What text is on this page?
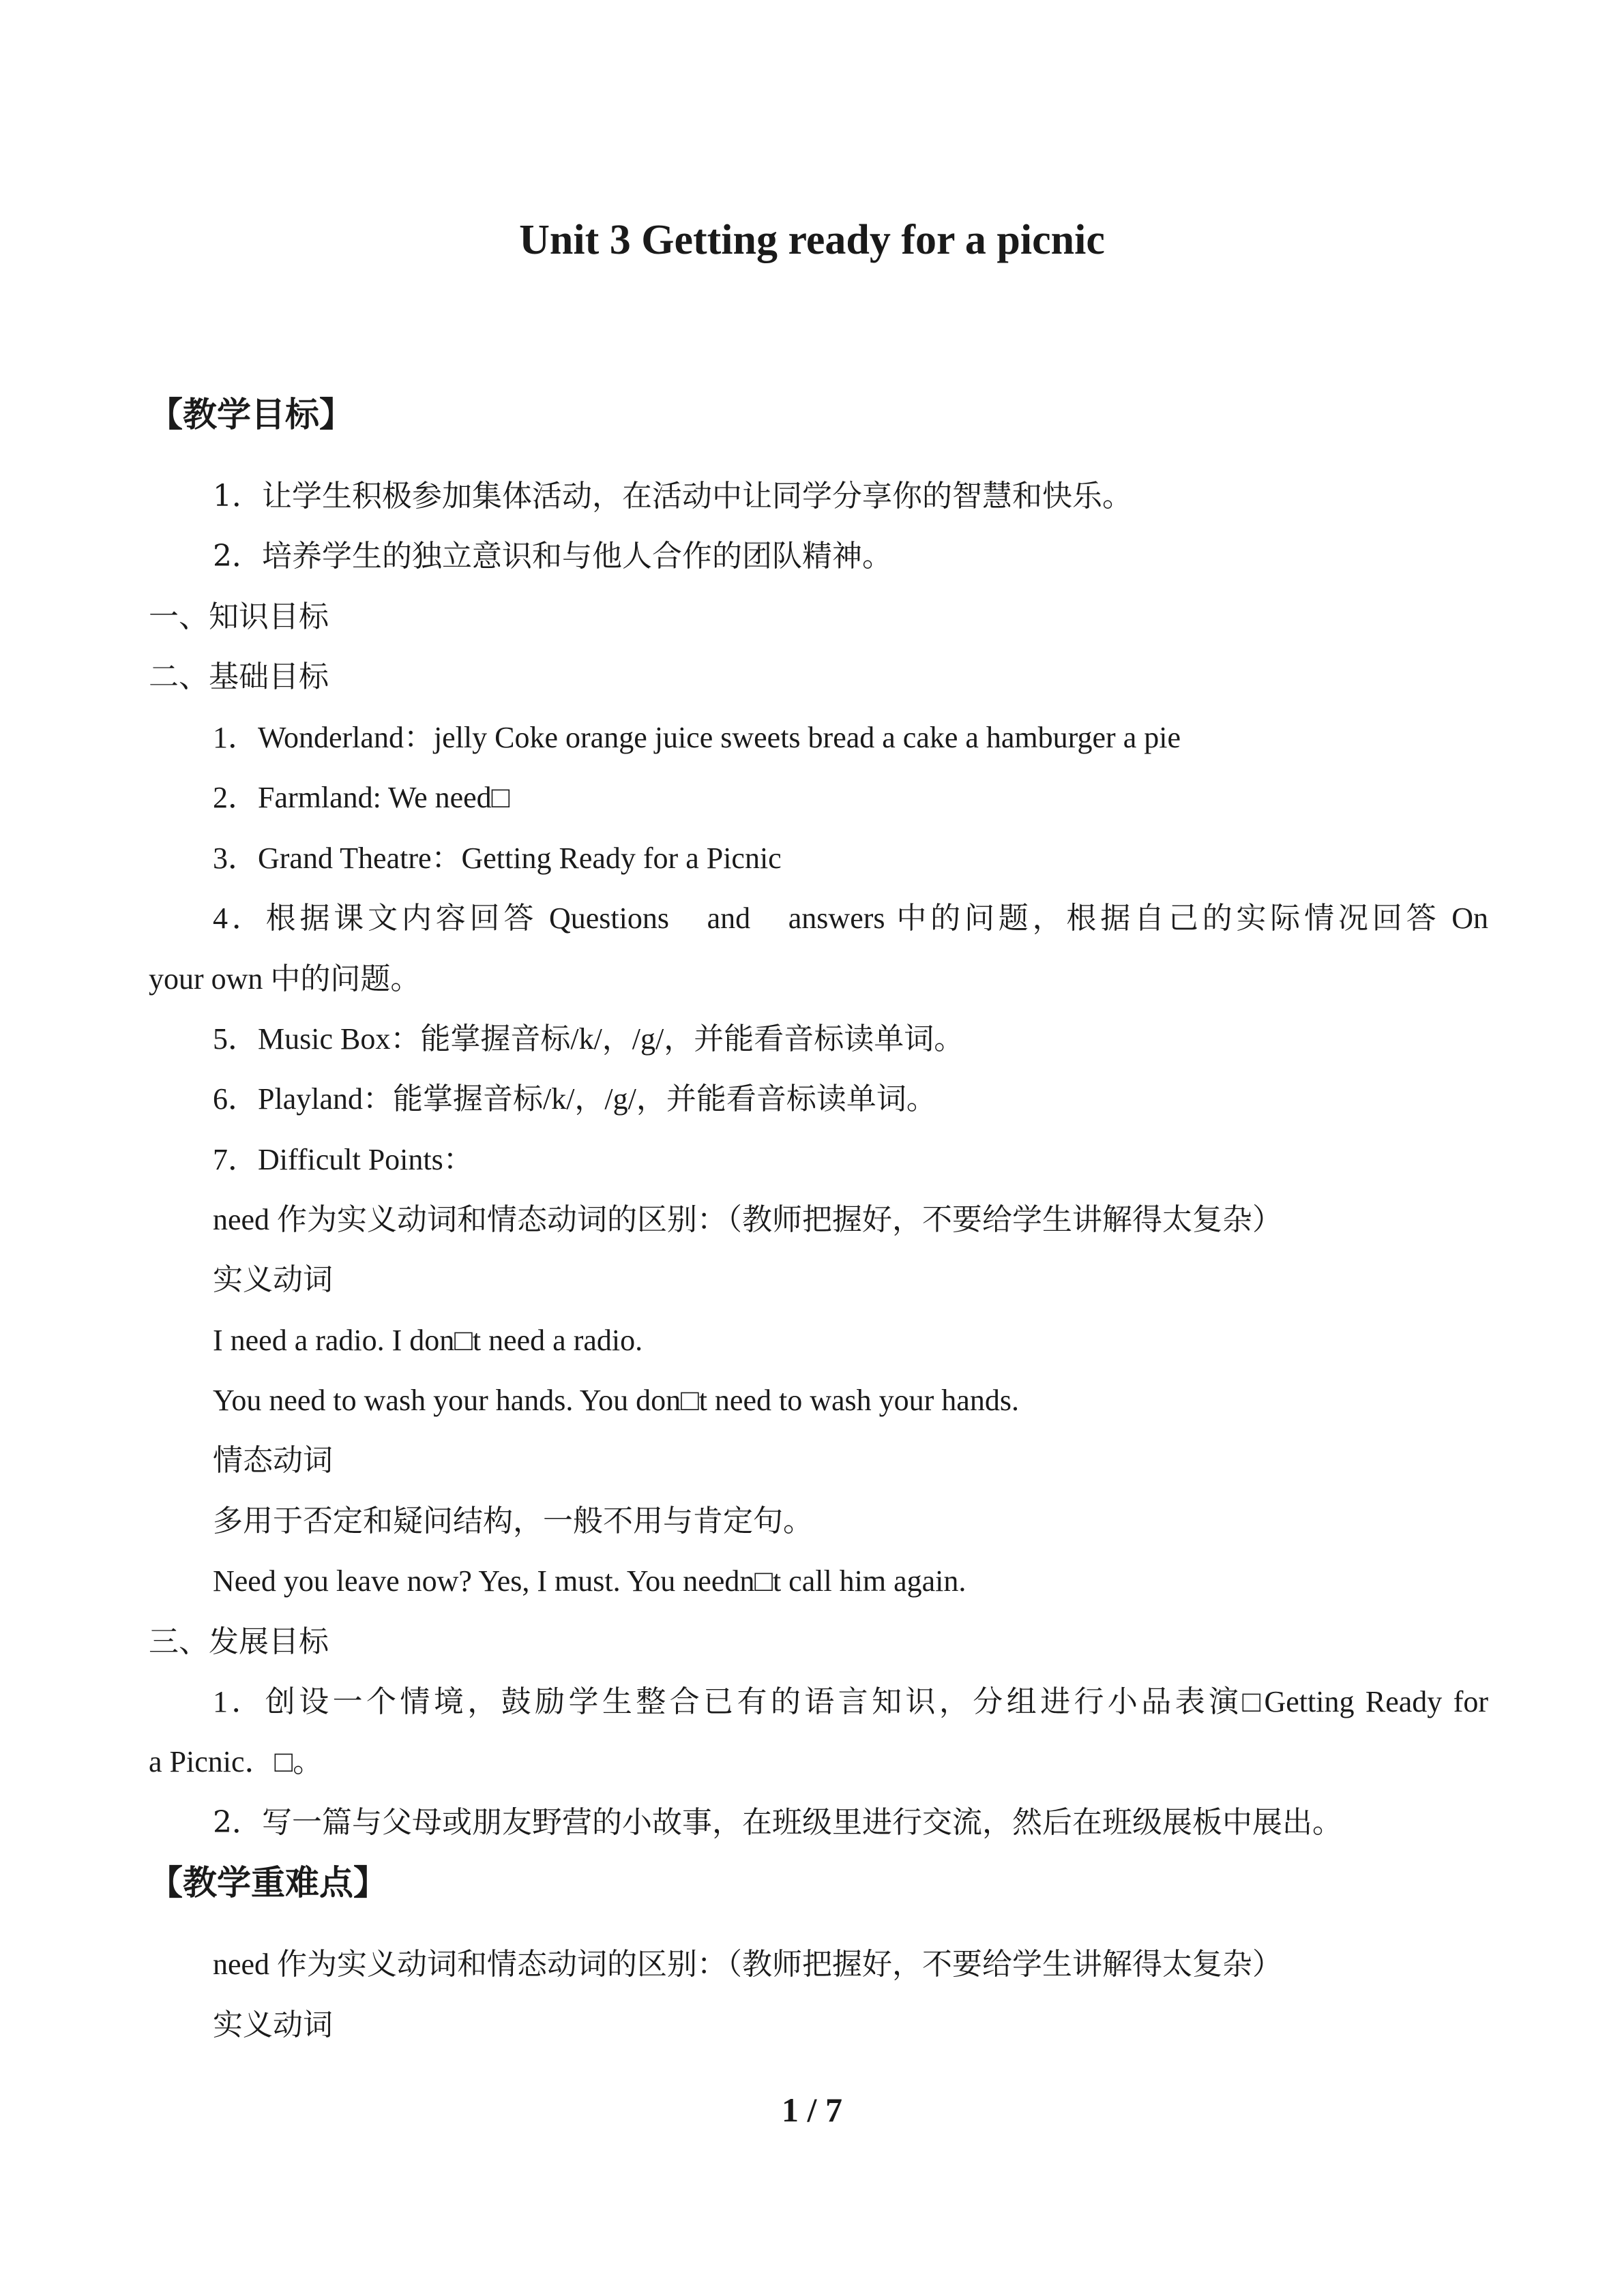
Unit 3 Getting ready for a picnic
【教学目标】

1．让学生积极参加集体活动，在活动中让同学分享你的智慧和快乐。

2．培养学生的独立意识和与他人合作的团队精神。

一、知识目标

二、基础目标

1．Wonderland：jelly Coke orange juice sweets bread a cake a hamburger a pie

2．Farmland: We need□

3．Grand Theatre：Getting Ready for a Picnic

4．根据课文内容回答 Questions　and　answers 中的问题，根据自己的实际情况回答 On

your own 中的问题。

5．Music Box：能掌握音标/k/，/g/，并能看音标读单词。

6．Playland：能掌握音标/k/，/g/，并能看音标读单词。

7．Difficult Points：

need 作为实义动词和情态动词的区别：（教师把握好，不要给学生讲解得太复杂）

实义动词

I need a radio. I don□t need a radio.

You need to wash your hands. You don□t need to wash your hands.

情态动词

多用于否定和疑问结构，一般不用与肯定句。

Need you leave now? Yes, I must. You needn□t call him again.

三、发展目标

1．创设一个情境，鼓励学生整合已有的语言知识，分组进行小品表演□Getting Ready for

a Picnic．□。

2．写一篇与父母或朋友野营的小故事，在班级里进行交流，然后在班级展板中展出。

【教学重难点】

need 作为实义动词和情态动词的区别：（教师把握好，不要给学生讲解得太复杂）

实义动词

1 / 7
